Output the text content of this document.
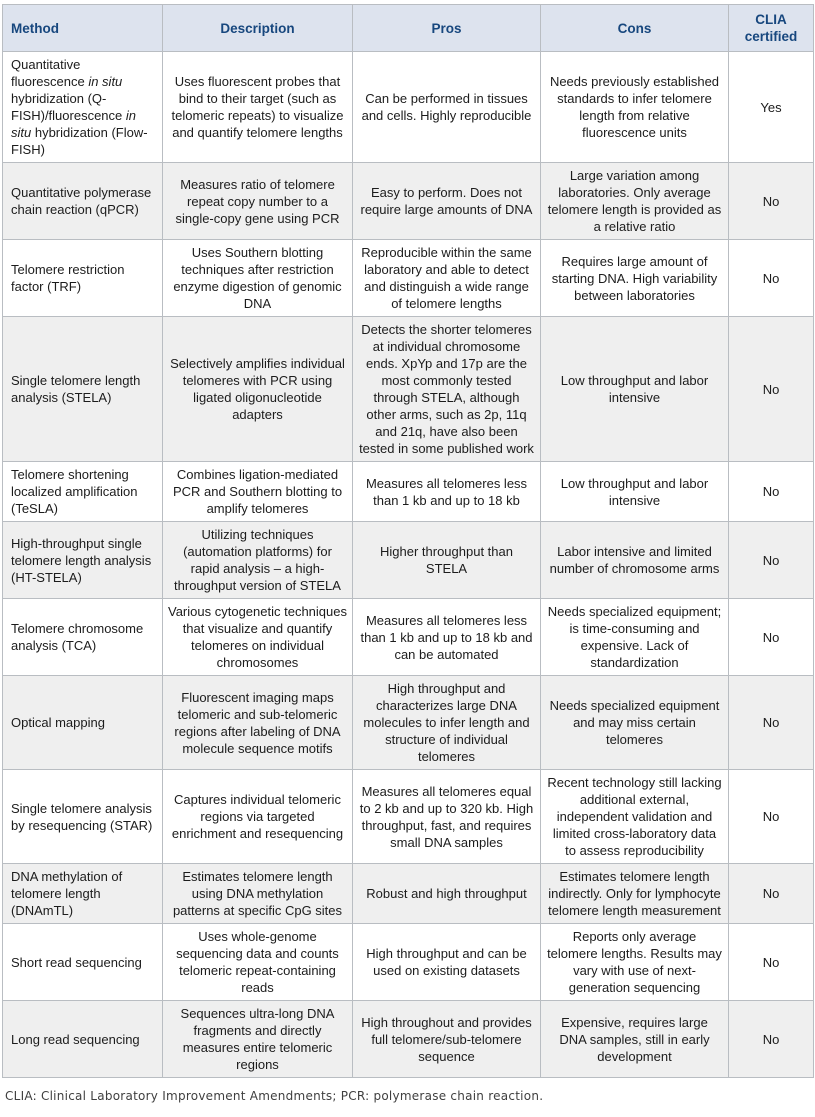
Method	Description	Pros	Cons	CLIA certified
Quantitative fluorescence in situ hybridization (Q-FISH)/fluorescence in situ hybridization (Flow-FISH)	Uses fluorescent probes that bind to their target (such as telomeric repeats) to visualize and quantify telomere lengths	Can be performed in tissues and cells. Highly reproducible	Needs previously established standards to infer telomere length from relative fluorescence units	Yes
Quantitative polymerase chain reaction (qPCR)	Measures ratio of telomere repeat copy number to a single-copy gene using PCR	Easy to perform. Does not require large amounts of DNA	Large variation among laboratories. Only average telomere length is provided as a relative ratio	No
Telomere restriction factor (TRF)	Uses Southern blotting techniques after restriction enzyme digestion of genomic DNA	Reproducible within the same laboratory and able to detect and distinguish a wide range of telomere lengths	Requires large amount of starting DNA. High variability between laboratories	No
Single telomere length analysis (STELA)	Selectively amplifies individual telomeres with PCR using ligated oligonucleotide adapters	Detects the shorter telomeres at individual chromosome ends. XpYp and 17p are the most commonly tested through STELA, although other arms, such as 2p, 11q and 21q, have also been tested in some published work	Low throughput and labor intensive	No
Telomere shortening localized amplification (TeSLA)	Combines ligation-mediated PCR and Southern blotting to amplify telomeres	Measures all telomeres less than 1 kb and up to 18 kb	Low throughput and labor intensive	No
High-throughput single telomere length analysis (HT-STELA)	Utilizing techniques (automation platforms) for rapid analysis – a high-throughput version of STELA	Higher throughput than STELA	Labor intensive and limited number of chromosome arms	No
Telomere chromosome analysis (TCA)	Various cytogenetic techniques that visualize and quantify telomeres on individual chromosomes	Measures all telomeres less than 1 kb and up to 18 kb and can be automated	Needs specialized equipment; is time-consuming and expensive. Lack of standardization	No
Optical mapping	Fluorescent imaging maps telomeric and sub-telomeric regions after labeling of DNA molecule sequence motifs	High throughput and characterizes large DNA molecules to infer length and structure of individual telomeres	Needs specialized equipment and may miss certain telomeres	No
Single telomere analysis by resequencing (STAR)	Captures individual telomeric regions via targeted enrichment and resequencing	Measures all telomeres equal to 2 kb and up to 320 kb. High throughput, fast, and requires small DNA samples	Recent technology still lacking additional external, independent validation and limited cross-laboratory data to assess reproducibility	No
DNA methylation of telomere length (DNAmTL)	Estimates telomere length using DNA methylation patterns at specific CpG sites	Robust and high throughput	Estimates telomere length indirectly. Only for lymphocyte telomere length measurement	No
Short read sequencing	Uses whole-genome sequencing data and counts telomeric repeat-containing reads	High throughput and can be used on existing datasets	Reports only average telomere lengths. Results may vary with use of next-generation sequencing	No
Long read sequencing	Sequences ultra-long DNA fragments and directly measures entire telomeric regions	High throughout and provides full telomere/sub-telomere sequence	Expensive, requires large DNA samples, still in early development	No

CLIA: Clinical Laboratory Improvement Amendments; PCR: polymerase chain reaction.
